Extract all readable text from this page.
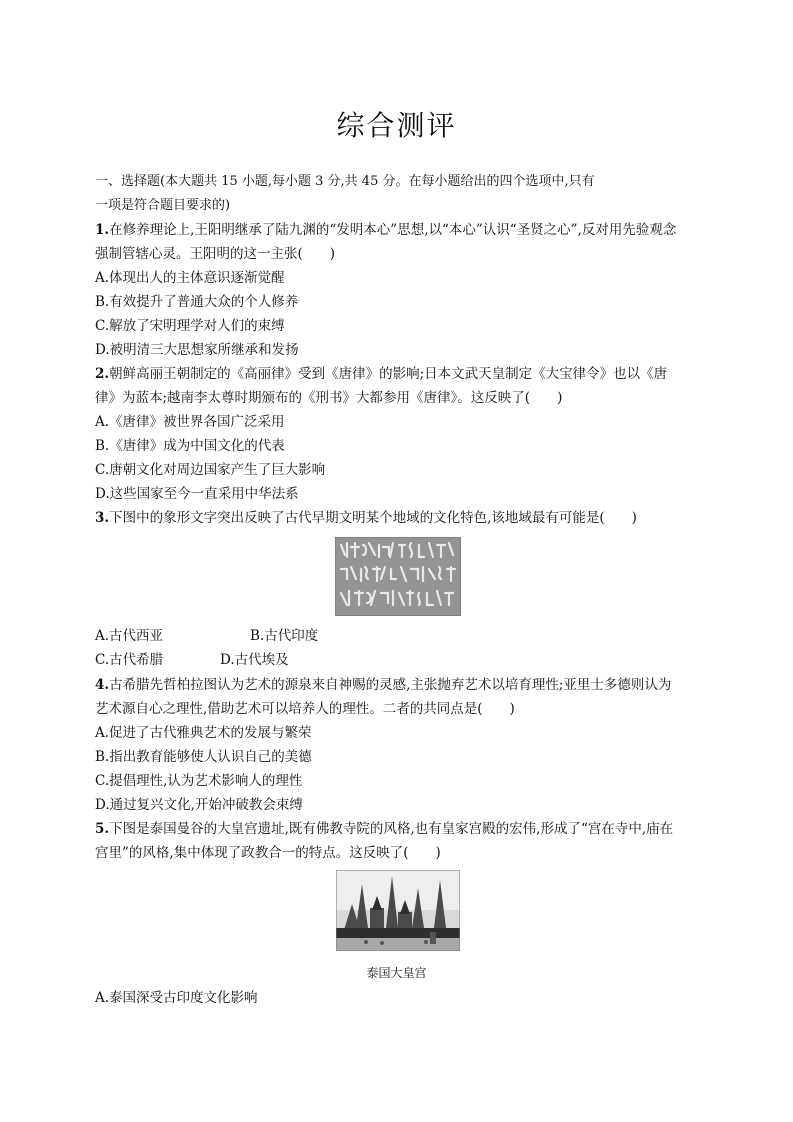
综合测评
一、选择题(本大题共 15 小题,每小题 3 分,共 45 分。在每小题给出的四个选项中,只有
一项是符合题目要求的)
1.在修养理论上,王阳明继承了陆九渊的“发明本心”思想,以“本心”认识“圣贤之心”,反对用先验观念
强制管辖心灵。王阳明的这一主张(　　)
A.体现出人的主体意识逐渐觉醒
B.有效提升了普通大众的个人修养
C.解放了宋明理学对人们的束缚
D.被明清三大思想家所继承和发扬
2.朝鲜高丽王朝制定的《高丽律》受到《唐律》的影响;日本文武天皇制定《大宝律令》也以《唐
律》为蓝本;越南李太尊时期颁布的《刑书》大都参用《唐律》。这反映了(　　)
A.《唐律》被世界各国广泛采用
B.《唐律》成为中国文化的代表
C.唐朝文化对周边国家产生了巨大影响
D.这些国家至今一直采用中华法系
3.下图中的象形文字突出反映了古代早期文明某个地域的文化特色,该地域最有可能是(　　)
A.古代西亚	B.古代印度
C.古代希腊	D.古代埃及
4.古希腊先哲柏拉图认为艺术的源泉来自神赐的灵感,主张抛弃艺术以培育理性;亚里士多德则认为
艺术源自心之理性,借助艺术可以培养人的理性。二者的共同点是(　　)
A.促进了古代雅典艺术的发展与繁荣
B.指出教育能够使人认识自己的美德
C.提倡理性,认为艺术影响人的理性
D.通过复兴文化,开始冲破教会束缚
5.下图是泰国曼谷的大皇宫遗址,既有佛教寺院的风格,也有皇家宫殿的宏伟,形成了“宫在寺中,庙在
宫里”的风格,集中体现了政教合一的特点。这反映了(　　)
泰国大皇宫
A.泰国深受古印度文化影响
